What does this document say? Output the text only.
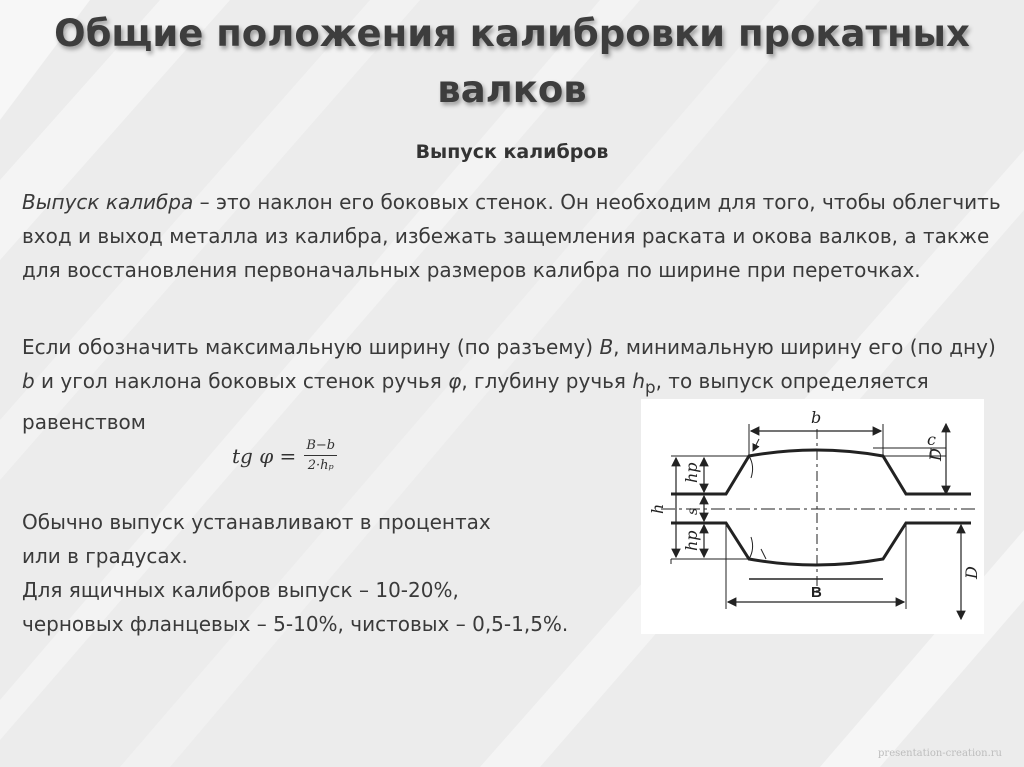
Общие положения калибровки прокатных валков
Выпуск калибров
Выпуск калибра – это наклон его боковых стенок. Он необходим для того, чтобы облегчить вход и выход металла из калибра, избежать защемления раската и окова валков, а также для восстановления первоначальных размеров калибра по ширине при переточках.
Если обозначить максимальную ширину (по разъему) B, минимальную ширину его (по дну) b и угол наклона боковых стенок ручья φ, глубину ручья $h_p$, то выпуск определяется равенством
tg $\varphi = \frac{B-b}{\text{2·hₚ}}$
Обычно выпуск устанавливают в процентах
или в градусах.
Для ящичных калибров выпуск – 10-20%,
черновых фланцевых – 5-10%, чистовых – 0,5-1,5%.
b
c
D
h
hp
s
hp
B
D
presentation-creation.ru
